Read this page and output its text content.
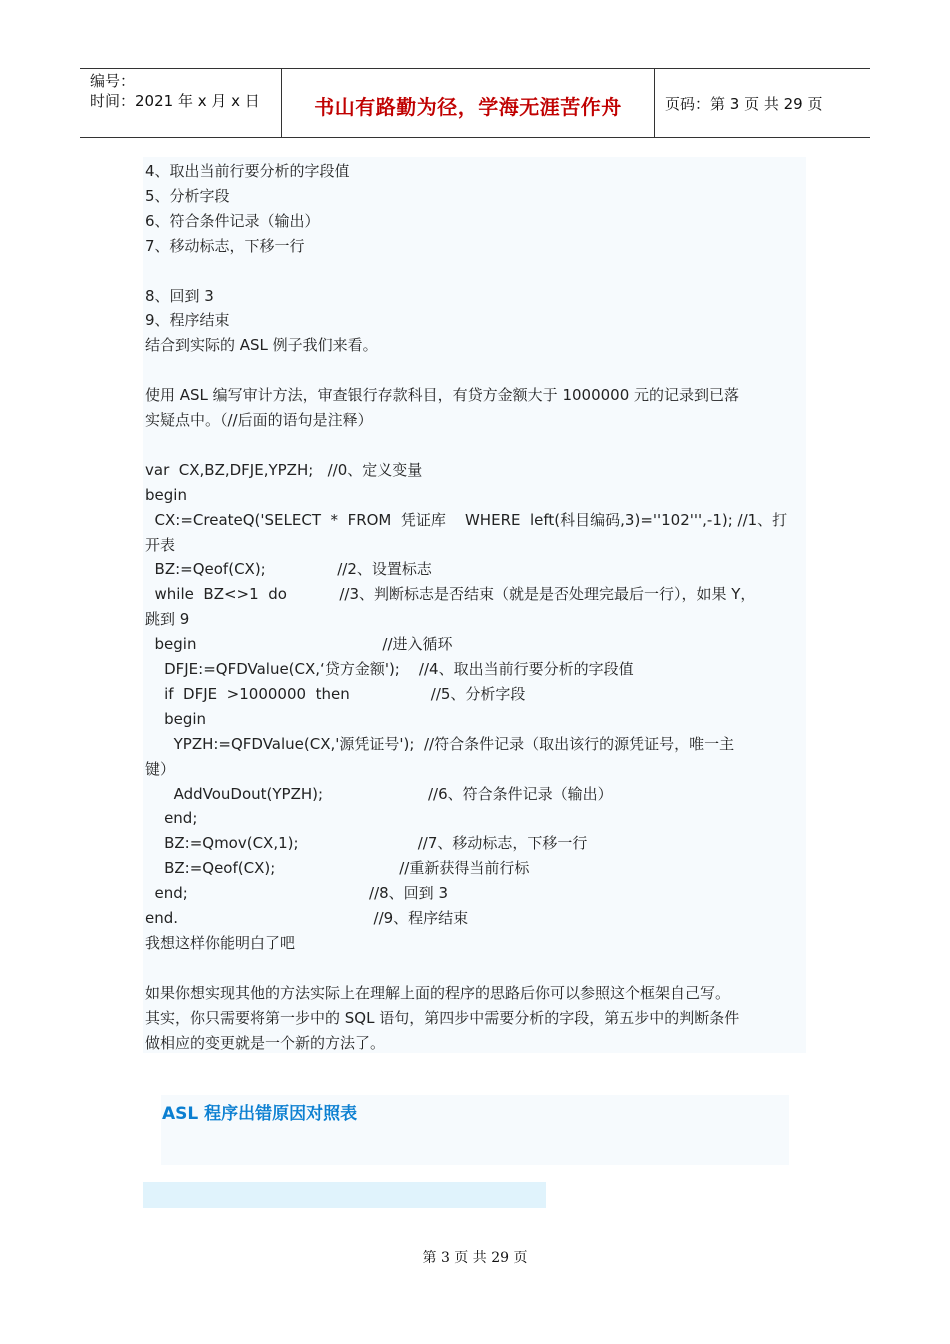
编号：
时间：2021 年 x 月 x 日	书山有路勤为径，学海无涯苦作舟	页码：第 3 页 共 29 页
4、取出当前行要分析的字段值
5、分析字段
6、符合条件记录（输出）
7、移动标志，下移一行
8、回到 3
9、程序结束
结合到实际的 ASL 例子我们来看。
使用 ASL 编写审计方法，审查银行存款科目，有贷方金额大于 1000000 元的记录到已落
实疑点中。（//后面的语句是注释）
var  CX,BZ,DFJE,YPZH;   //0、定义变量
begin
CX:=CreateQ('SELECT  *  FROM  凭证库    WHERE  left(科目编码,3)=''102''',-1); //1、打
开表
BZ:=Qeof(CX);               //2、设置标志
while  BZ<>1  do           //3、判断标志是否结束（就是是否处理完最后一行），如果 Y，
跳到 9
begin                                       //进入循环
DFJE:=QFDValue(CX,‘贷方金额');    //4、取出当前行要分析的字段值
if  DFJE  >1000000  then                 //5、分析字段
begin
YPZH:=QFDValue(CX,'源凭证号');  //符合条件记录（取出该行的源凭证号，唯一主
键）
AddVouDout(YPZH);                      //6、符合条件记录（输出）
end;
BZ:=Qmov(CX,1);                         //7、移动标志，下移一行
BZ:=Qeof(CX);                          //重新获得当前行标
end;                                      //8、回到 3
end.                                         //9、程序结束
我想这样你能明白了吧
如果你想实现其他的方法实际上在理解上面的程序的思路后你可以参照这个框架自己写。
其实，你只需要将第一步中的 SQL 语句，第四步中需要分析的字段，第五步中的判断条件
做相应的变更就是一个新的方法了。
ASL 程序出错原因对照表
第 3 页 共 29 页
